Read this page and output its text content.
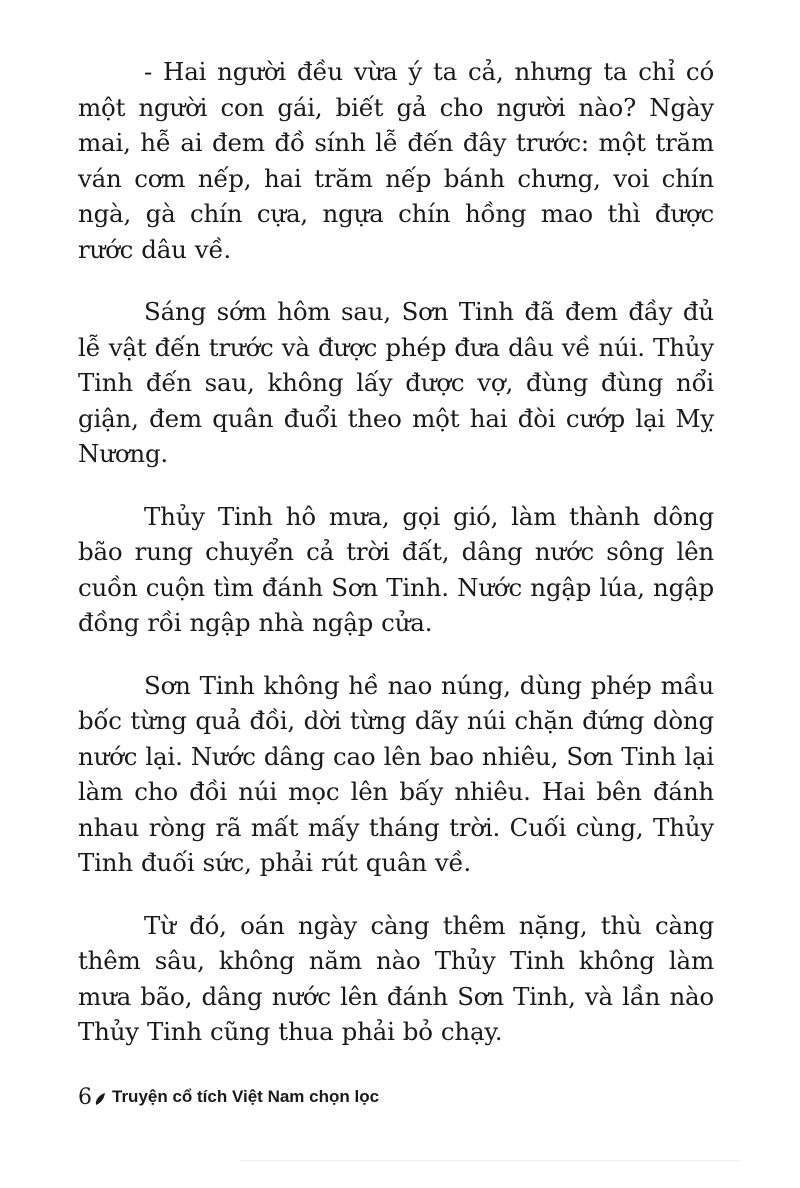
- Hai người đều vừa ý ta cả, nhưng ta chỉ có một người con gái, biết gả cho người nào? Ngày mai, hễ ai đem đồ sính lễ đến đây trước: một trăm ván cơm nếp, hai trăm nếp bánh chưng, voi chín ngà, gà chín cựa, ngựa chín hồng mao thì được rước dâu về.

Sáng sớm hôm sau, Sơn Tinh đã đem đầy đủ lễ vật đến trước và được phép đưa dâu về núi. Thủy Tinh đến sau, không lấy được vợ, đùng đùng nổi giận, đem quân đuổi theo một hai đòi cướp lại Mỵ Nương.

Thủy Tinh hô mưa, gọi gió, làm thành dông bão rung chuyển cả trời đất, dâng nước sông lên cuồn cuộn tìm đánh Sơn Tinh. Nước ngập lúa, ngập đồng rồi ngập nhà ngập cửa.

Sơn Tinh không hề nao núng, dùng phép mầu bốc từng quả đồi, dời từng dãy núi chặn đứng dòng nước lại. Nước dâng cao lên bao nhiêu, Sơn Tinh lại làm cho đồi núi mọc lên bấy nhiêu. Hai bên đánh nhau ròng rã mất mấy tháng trời. Cuối cùng, Thủy Tinh đuối sức, phải rút quân về.

Từ đó, oán ngày càng thêm nặng, thù càng thêm sâu, không năm nào Thủy Tinh không làm mưa bão, dâng nước lên đánh Sơn Tinh, và lần nào Thủy Tinh cũng thua phải bỏ chạy.

6 Truyện cổ tích Việt Nam chọn lọc
